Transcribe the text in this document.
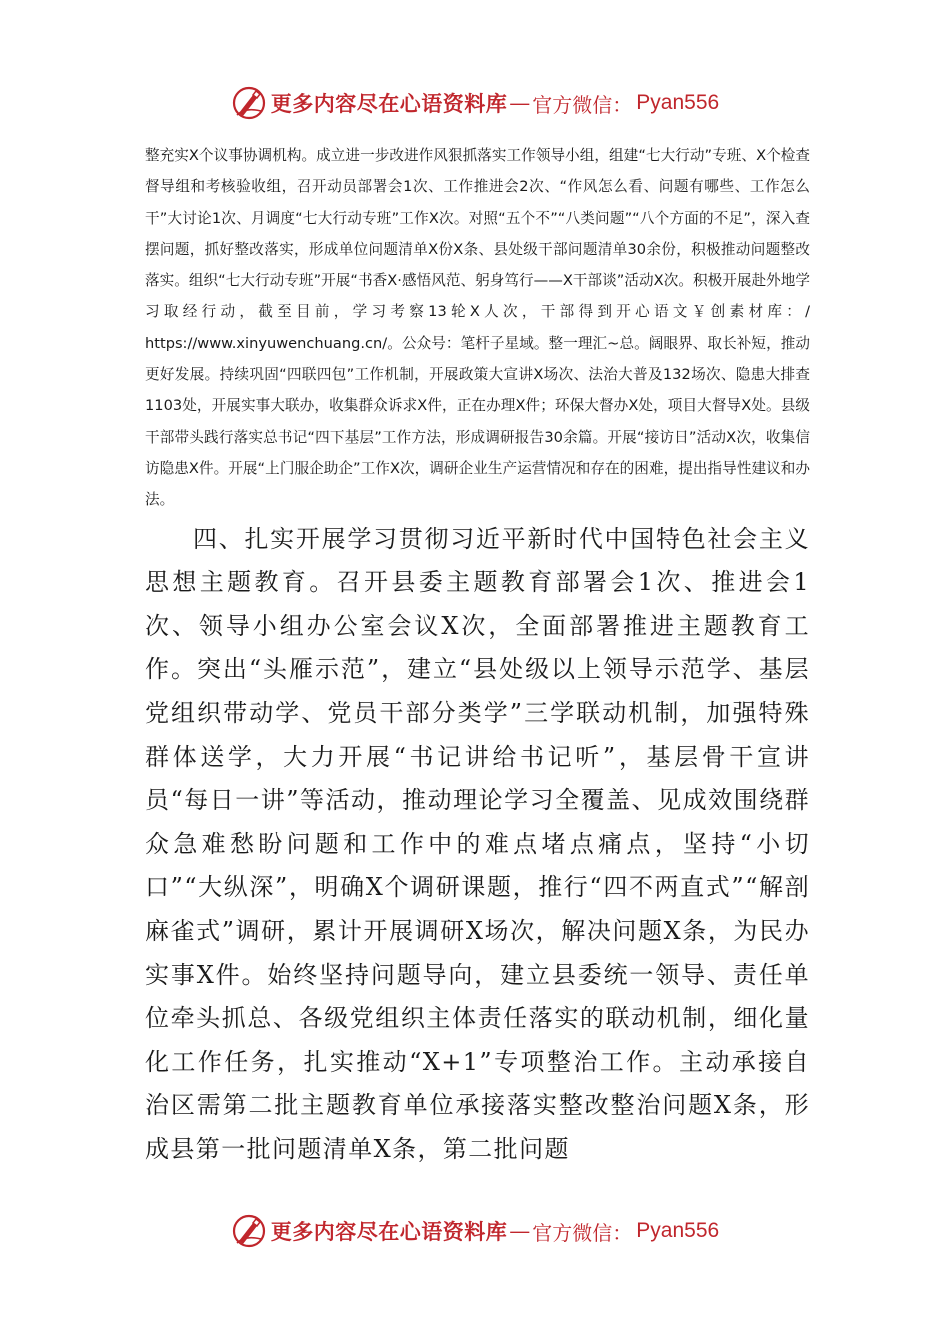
更多内容尽在心语资料库 — 官方微信： Pyan556

整充实X个议事协调机构。成立进一步改进作风狠抓落实工作领导小组，组建“七大行动”专班、X个检查督导组和考核验收组，召开动员部署会1次、工作推进会2次、“作风怎么看、问题有哪些、工作怎么干”大讨论1次、月调度“七大行动专班”工作X次。对照“五个不”“八类问题”“八个方面的不足”，深入查摆问题，抓好整改落实，形成单位问题清单X份X条、县处级干部问题清单30余份，积极推动问题整改落实。组织“七大行动专班”开展“书香X·感悟风范、躬身笃行——X干部谈”活动X次。积极开展赴外地学习取经行动，截至目前，学习考察13轮X人次，干部得到开心语文￥创素材库：/ https://www.xinyuwenchuang.cn/。公众号：笔杆子星域。整一理汇~总。阔眼界、取长补短，推动更好发展。持续巩固“四联四包”工作机制，开展政策大宣讲X场次、法治大普及132场次、隐患大排查1103处，开展实事大联办，收集群众诉求X件，正在办理X件；环保大督办X处，项目大督导X处。县级干部带头践行落实总书记“四下基层”工作方法，形成调研报告30余篇。开展“接访日”活动X次，收集信访隐患X件。开展“上门服企助企”工作X次，调研企业生产运营情况和存在的困难，提出指导性建议和办法。

四、扎实开展学习贯彻习近平新时代中国特色社会主义思想主题教育。召开县委主题教育部署会1次、推进会1次、领导小组办公室会议X次，全面部署推进主题教育工作。突出“头雁示范”，建立“县处级以上领导示范学、基层党组织带动学、党员干部分类学”三学联动机制，加强特殊群体送学，大力开展“书记讲给书记听”，基层骨干宣讲员“每日一讲”等活动，推动理论学习全覆盖、见成效围绕群众急难愁盼问题和工作中的难点堵点痛点，坚持“小切口”“大纵深”，明确X个调研课题，推行“四不两直式”“解剖麻雀式”调研，累计开展调研X场次，解决问题X条，为民办实事X件。始终坚持问题导向，建立县委统一领导、责任单位牵头抓总、各级党组织主体责任落实的联动机制，细化量化工作任务，扎实推动“X+1”专项整治工作。主动承接自治区需第二批主题教育单位承接落实整改整治问题X条，形成县第一批问题清单X条，第二批问题

更多内容尽在心语资料库 — 官方微信： Pyan556
